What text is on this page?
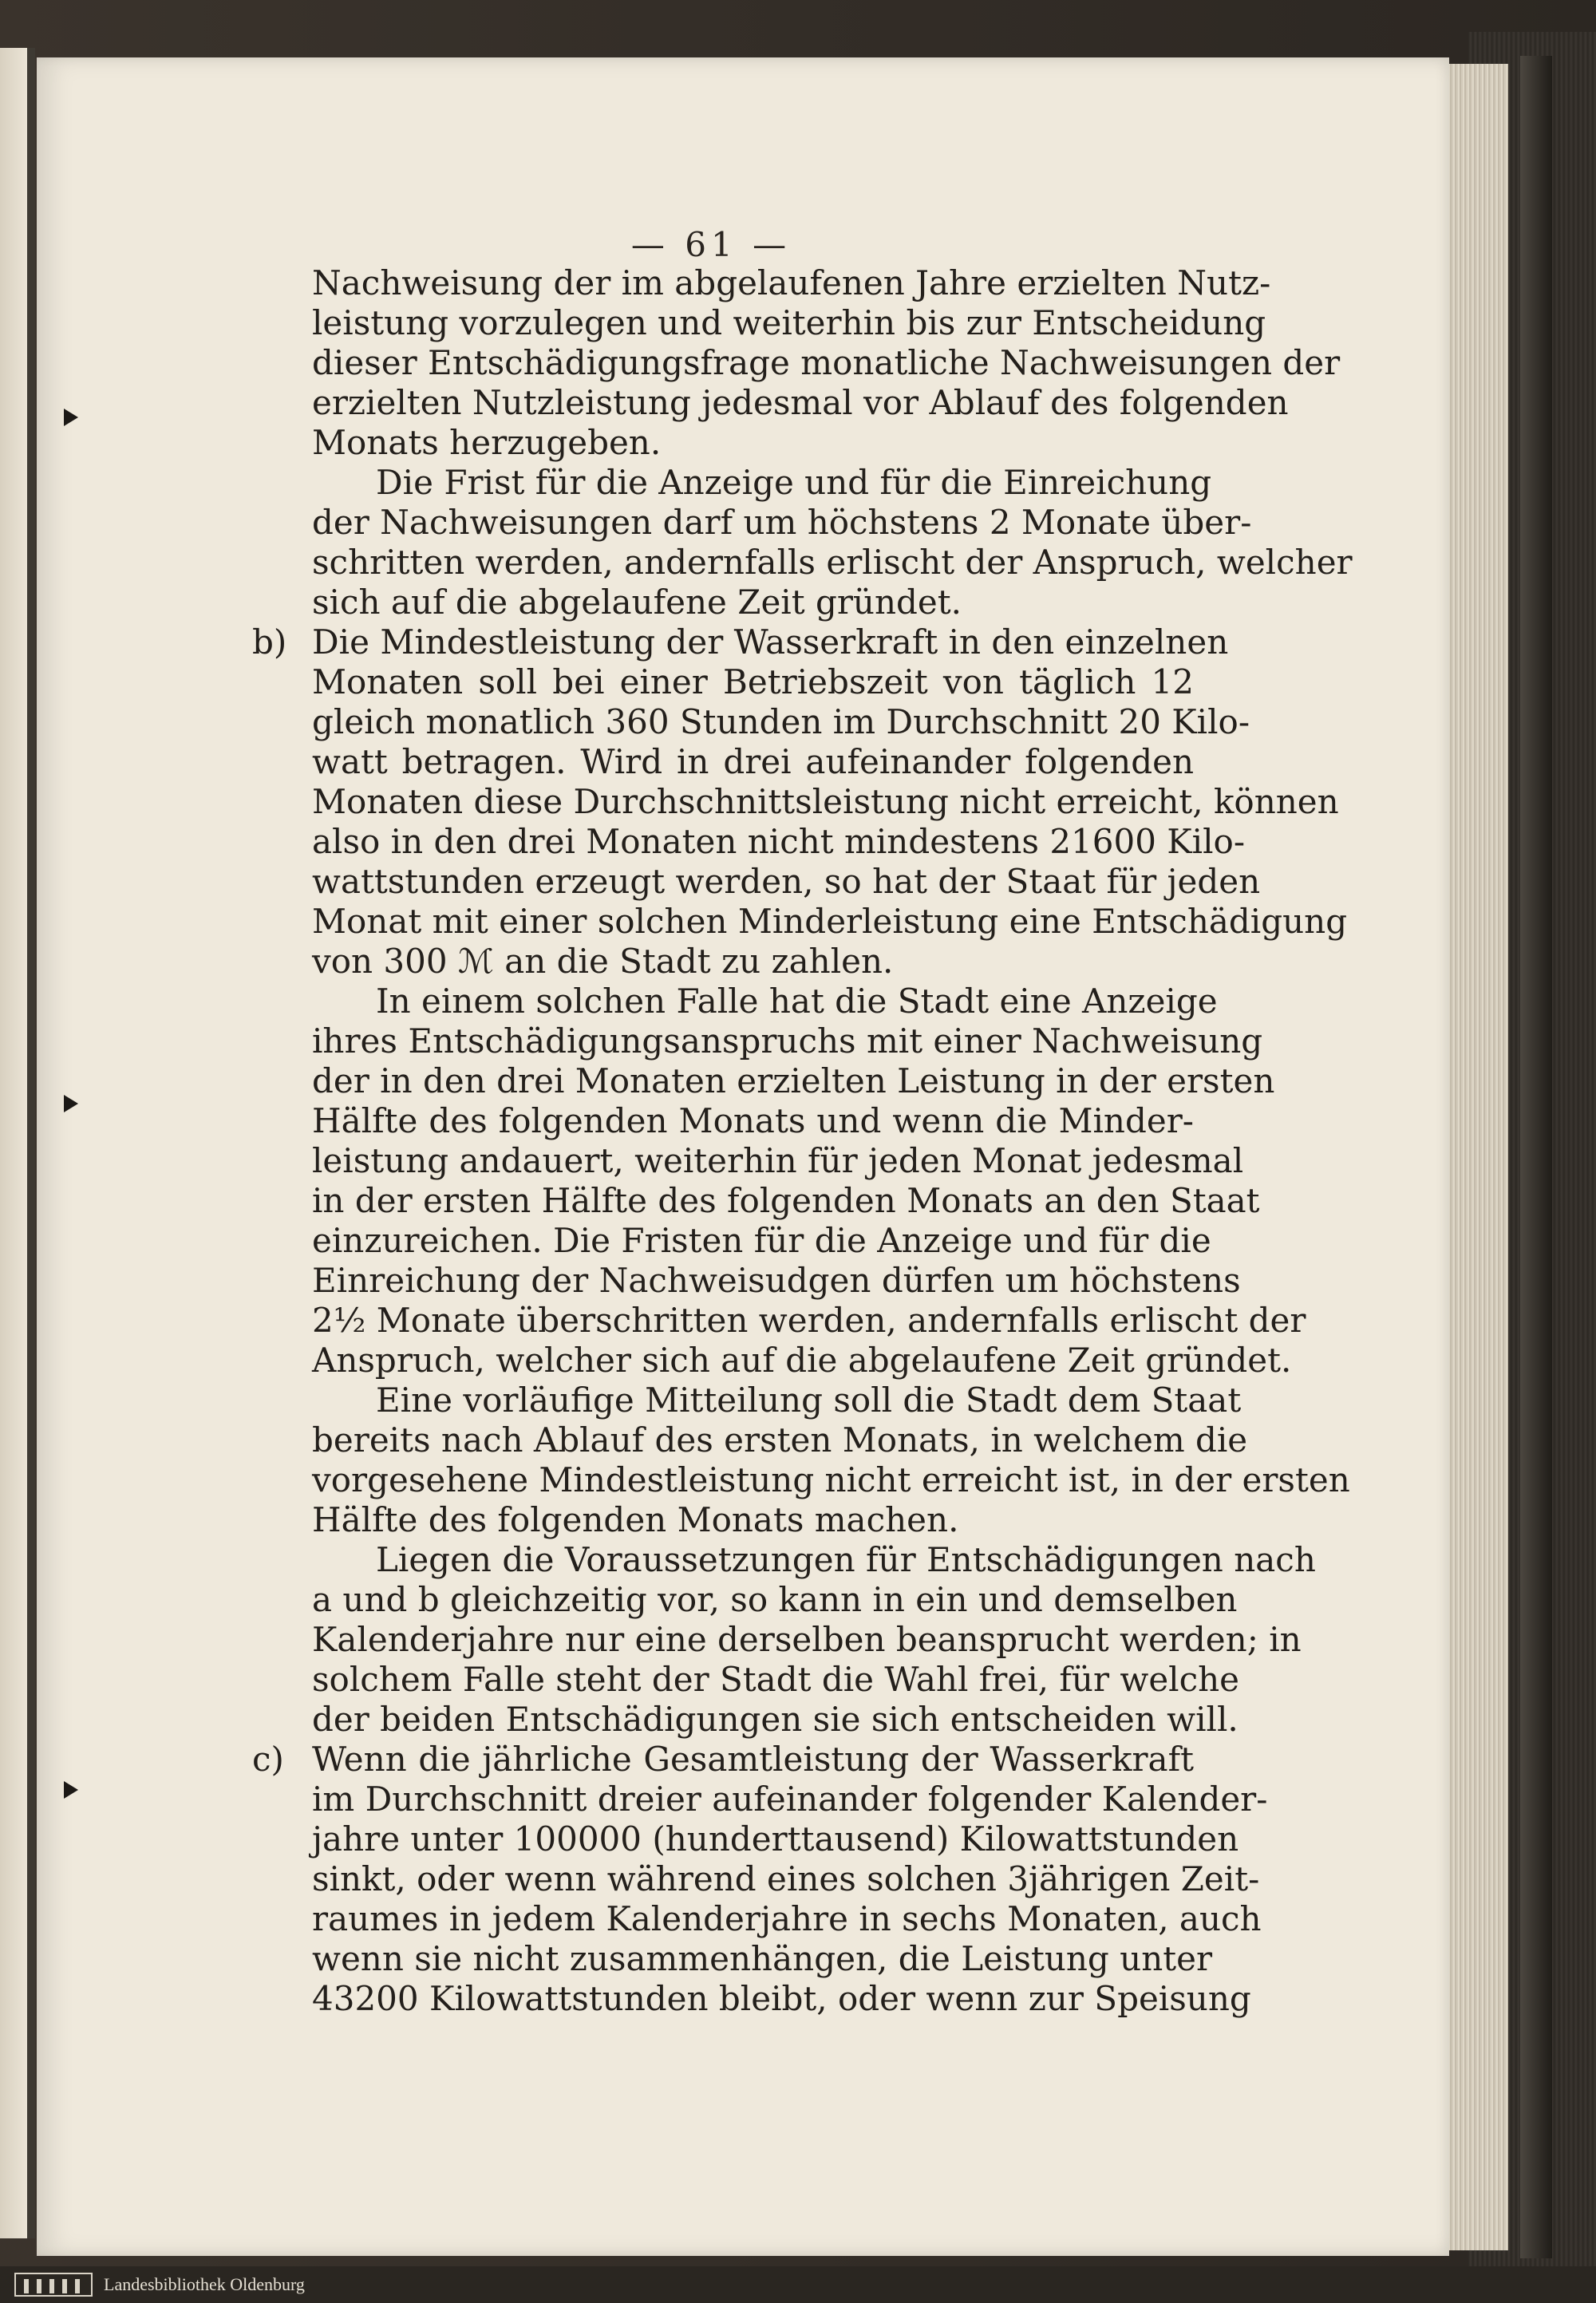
— 61 —
Nachweisung der im abgelaufenen Jahre erzielten Nutz-
leistung vorzulegen und weiterhin bis zur Entscheidung
dieser Entschädigungsfrage monatliche Nachweisungen der
erzielten Nutzleistung jedesmal vor Ablauf des folgenden
Monats herzugeben.
Die Frist für die Anzeige und für die Einreichung
der Nachweisungen darf um höchstens 2 Monate über-
schritten werden, andernfalls erlischt der Anspruch, welcher
sich auf die abgelaufene Zeit gründet.
b) Die Mindestleistung der Wasserkraft in den einzelnen
Monaten soll bei einer Betriebszeit von täglich 12
gleich monatlich 360 Stunden im Durchschnitt 20 Kilo-
watt betragen. Wird in drei aufeinander folgenden
Monaten diese Durchschnittsleistung nicht erreicht, können
also in den drei Monaten nicht mindestens 21600 Kilo-
wattstunden erzeugt werden, so hat der Staat für jeden
Monat mit einer solchen Minderleistung eine Entschädigung
von 300 ℳ an die Stadt zu zahlen.
In einem solchen Falle hat die Stadt eine Anzeige
ihres Entschädigungsanspruchs mit einer Nachweisung
der in den drei Monaten erzielten Leistung in der ersten
Hälfte des folgenden Monats und wenn die Minder-
leistung andauert, weiterhin für jeden Monat jedesmal
in der ersten Hälfte des folgenden Monats an den Staat
einzureichen. Die Fristen für die Anzeige und für die
Einreichung der Nachweisudgen dürfen um höchstens
2½ Monate überschritten werden, andernfalls erlischt der
Anspruch, welcher sich auf die abgelaufene Zeit gründet.
Eine vorläufige Mitteilung soll die Stadt dem Staat
bereits nach Ablauf des ersten Monats, in welchem die
vorgesehene Mindestleistung nicht erreicht ist, in der ersten
Hälfte des folgenden Monats machen.
Liegen die Voraussetzungen für Entschädigungen nach
a und b gleichzeitig vor, so kann in ein und demselben
Kalenderjahre nur eine derselben beansprucht werden; in
solchem Falle steht der Stadt die Wahl frei, für welche
der beiden Entschädigungen sie sich entscheiden will.
c) Wenn die jährliche Gesamtleistung der Wasserkraft
im Durchschnitt dreier aufeinander folgender Kalender-
jahre unter 100000 (hunderttausend) Kilowattstunden
sinkt, oder wenn während eines solchen 3jährigen Zeit-
raumes in jedem Kalenderjahre in sechs Monaten, auch
wenn sie nicht zusammenhängen, die Leistung unter
43200 Kilowattstunden bleibt, oder wenn zur Speisung
Landesbibliothek Oldenburg
